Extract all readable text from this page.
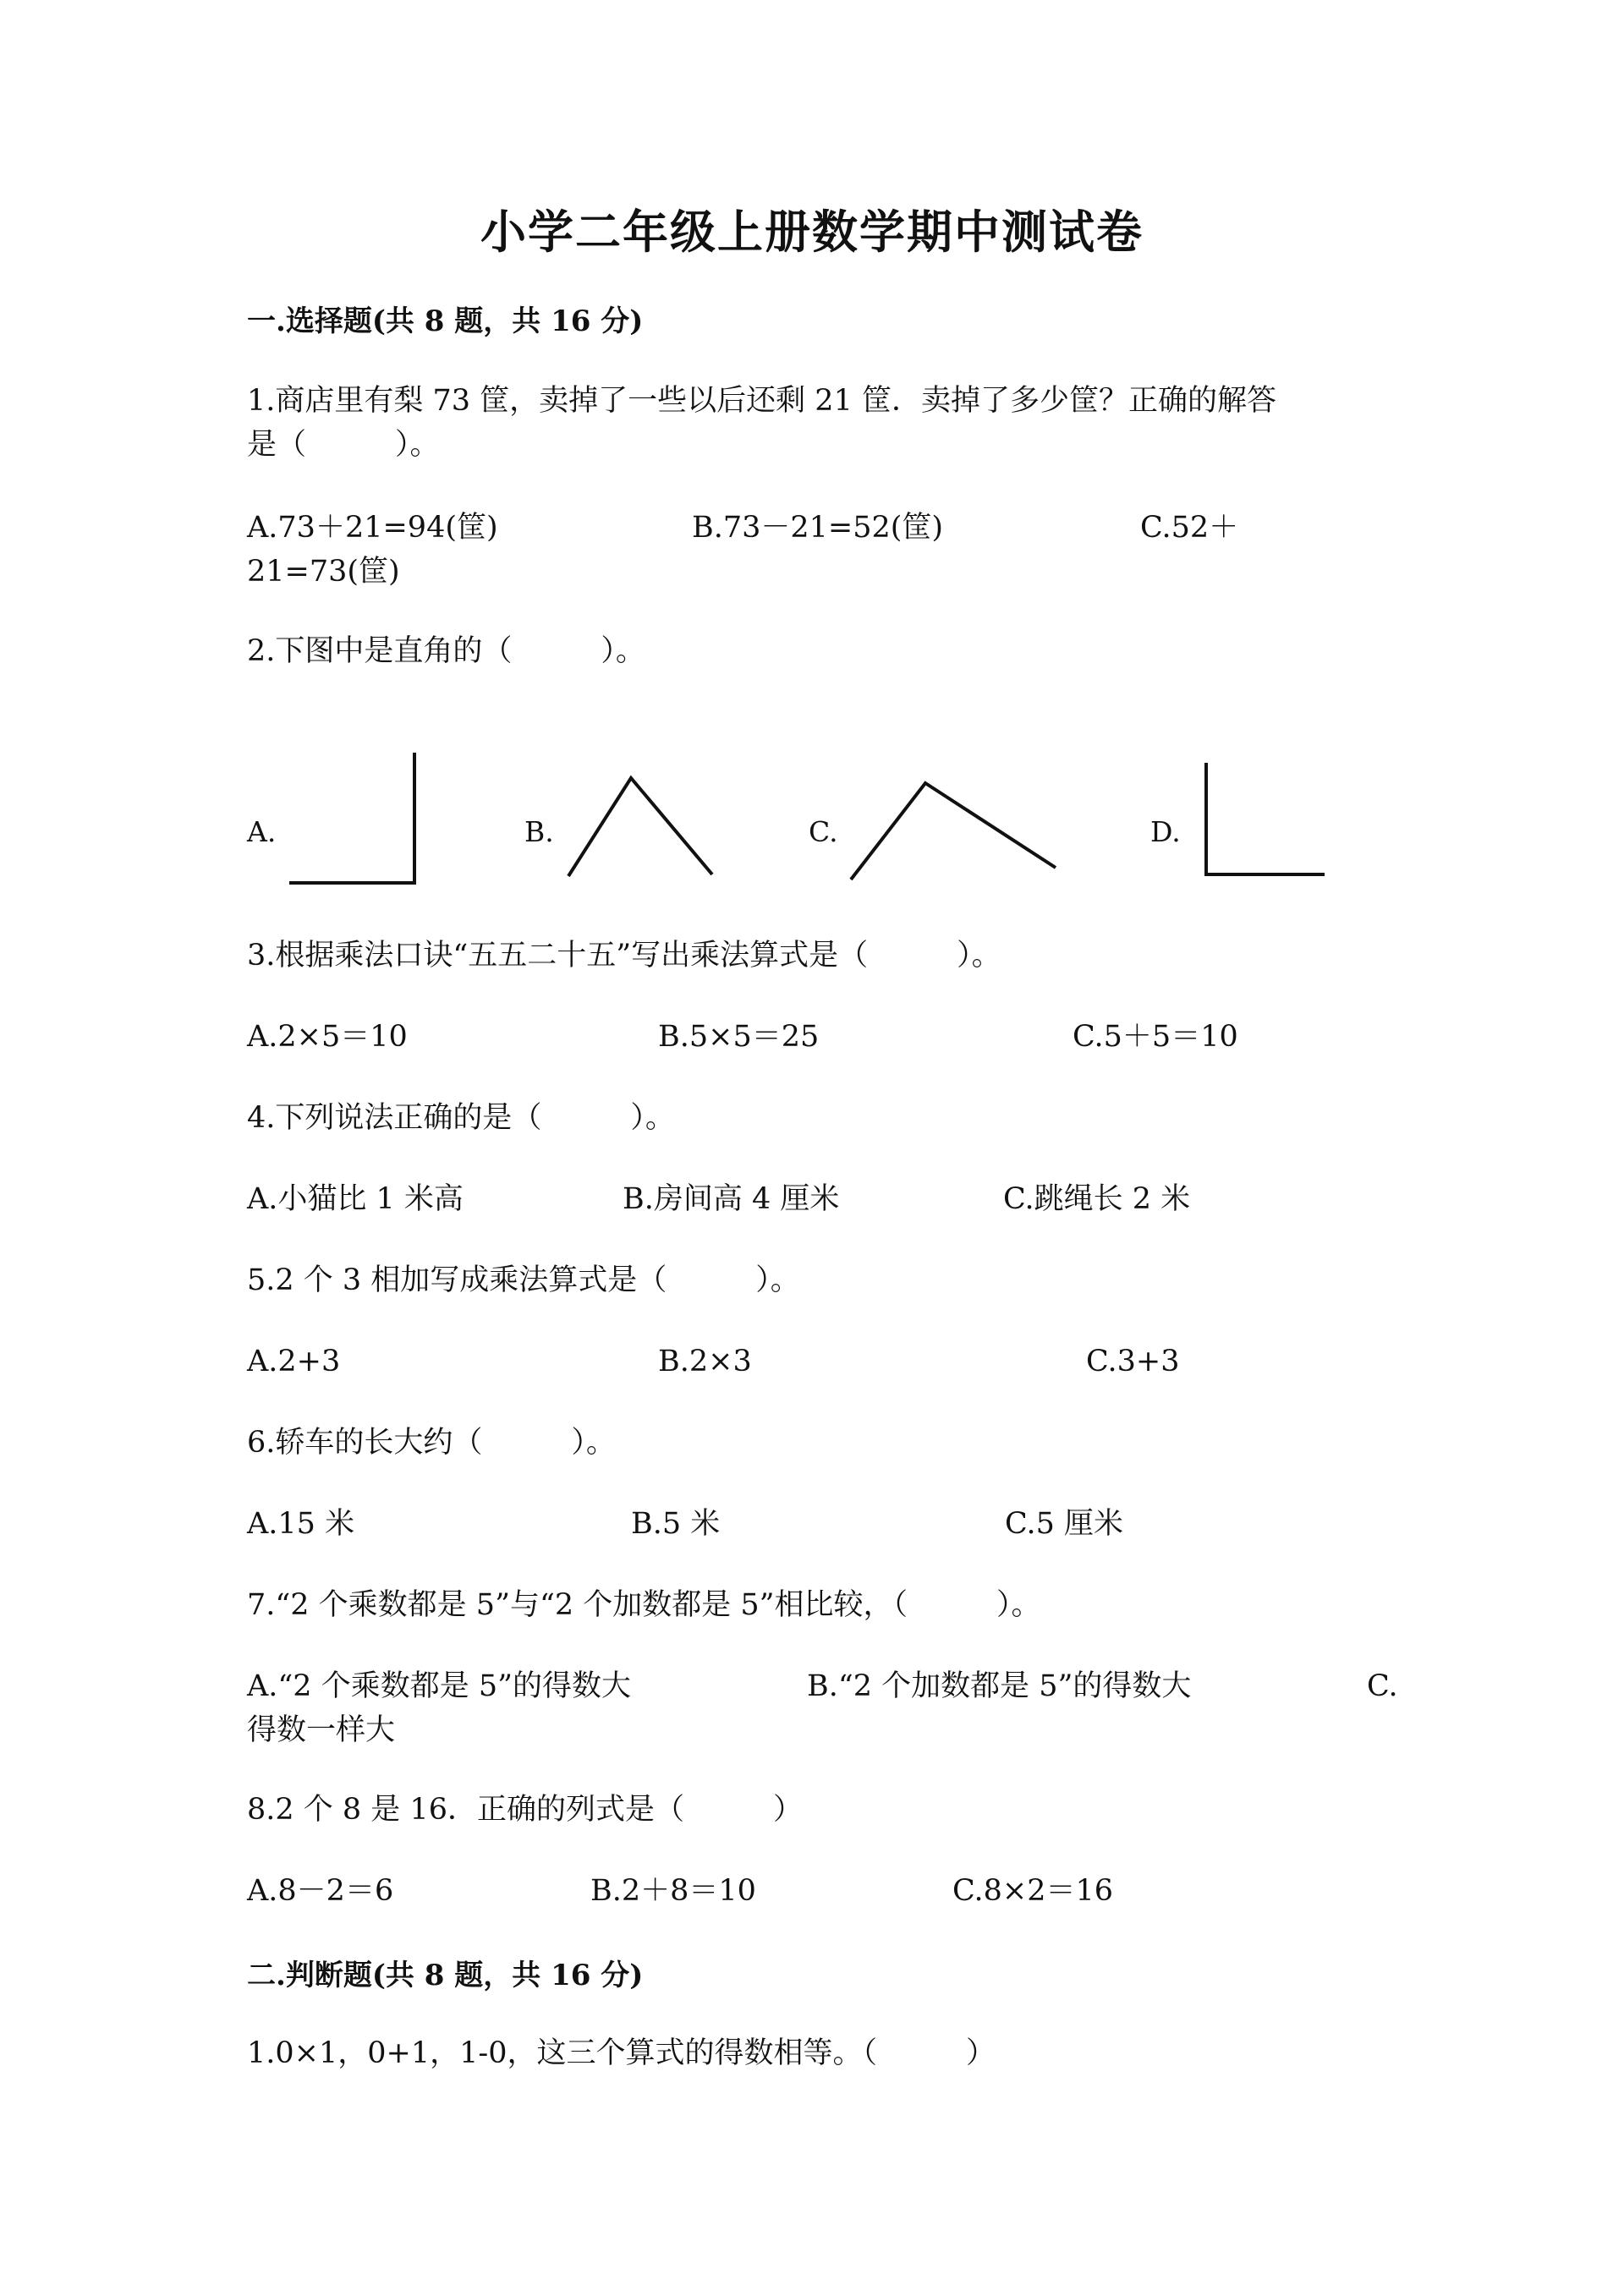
小学二年级上册数学期中测试卷

一.选择题(共 8 题，共 16 分)

1.商店里有梨 73 筐，卖掉了一些以后还剩 21 筐．卖掉了多少筐？正确的解答

是（　　　）。

A.73＋21=94(筐)	B.73－21=52(筐)	C.52＋

21=73(筐)

2.下图中是直角的（　　　）。

A.	B.	C.	D.

3.根据乘法口诀“五五二十五”写出乘法算式是（　　　）。

A.2×5＝10	B.5×5＝25	C.5＋5＝10

4.下列说法正确的是（　　　）。

A.小猫比 1 米高	B.房间高 4 厘米	C.跳绳长 2 米

5.2 个 3 相加写成乘法算式是（　　　）。

A.2+3	B.2×3	C.3+3

6.轿车的长大约（　　　）。

A.15 米	B.5 米	C.5 厘米

7.“2 个乘数都是 5”与“2 个加数都是 5”相比较，（　　　）。

A.“2 个乘数都是 5”的得数大	B.“2 个加数都是 5”的得数大	C.

得数一样大

8.2 个 8 是 16．正确的列式是（　　　）

A.8－2＝6	B.2＋8＝10	C.8×2＝16

二.判断题(共 8 题，共 16 分)

1.0×1，0+1，1-0，这三个算式的得数相等。（　　　）
